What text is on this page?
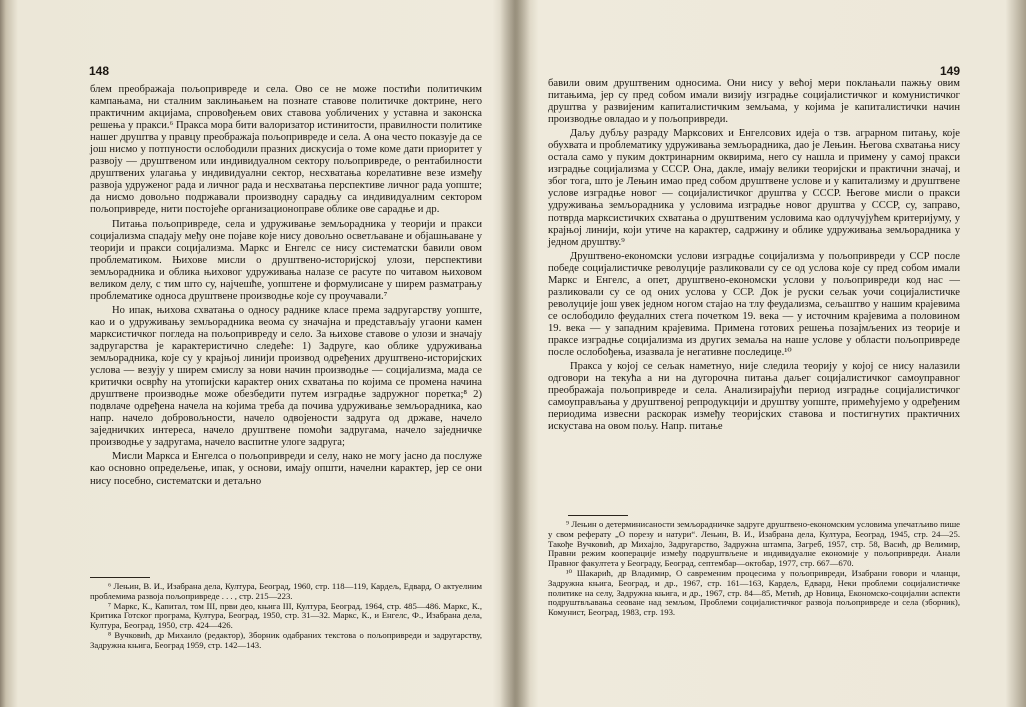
148

блем преображаја пољопривреде и села. Ово се не може постићи политичким кампањама, ни сталним заклињањем на познате ставове политичке доктрине, него практичним акцијама, спровођењем ових ставова уобличених у уставна и законска решења у пракси.⁶ Пракса мора бити валоризатор истинитости, правилности политике нашег друштва у правцу преображаја пољопривреде и села. А она често показује да се још нисмо у потпуности ослободили празних дискусија о томе коме дати приоритет у развоју — друштвеном или индивидуалном сектору пољопривреде, о рентабилности друштвених улагања у индивидуални сектор, несхватања корелативне везе између развоја удруженог рада и личног рада и несхватања перспективе личног рада уопште; да нисмо довољно подржавали производну сарадњу са индивидуалним сектором пољопривреде, нити постојеће организационоправе облике ове сарадње и др.

Питања пољопривреде, села и удруживање земљорадника у теорији и пракси социјализма спадају међу оне појаве које нису довољно осветљаване и објашњаване у теорији и пракси социјализма. Маркс и Енгелс се нису систематски бавили овом проблематиком. Њихове мисли о друштвено-историјској улози, перспективи земљорадника и облика њиховог удруживања налазе се расуте по читавом њиховом великом делу, с тим што су, најчешће, уопштене и формулисане у ширем разматрању проблематике односа друштвене производње које су проучавали.⁷

Но ипак, њихова схватања о односу раднике класе према задругарству уопште, као и о удруживању земљорадника веома су значајна и представљају угаони камен марксистичког погледа на пољопривреду и село. За њихове ставове о улози и значају задругарства је карактеристично следеће: 1) Задруге, као облике удруживања земљорадника, које су у крајњој линији производ одређених друштвено-историјских услова — везују у ширем смислу за нови начин производње — социјализма, мада се критички осврћу на утопијски карактер оних схватања по којима се промена начина друштвене производње може обезбедити путем изградње задружног поретка;⁸ 2) подвлаче одређена начела на којима треба да почива удруживање земљорадника, као напр. начело добровољности, начело одвојености задруга од државе, начело заједничких интереса, начело друштвене помоћи задругама, начело заједничке производње у задругама, начело васпитне улоге задруга;

Мисли Маркса и Енгелса о пољопривреди и селу, нако не могу јасно да послуже као основно опредељење, ипак, у основи, имају општи, начелни карактер, јер се они нису посебно, систематски и детаљно

⁶ Лењин, В. И., Изабрана дела, Култура, Београд, 1960, стр. 118—119, Кардељ, Едвард, О актуелним проблемима развоја пољопривреде . . . , стр. 215—223.

⁷ Маркс, К., Капитал, том III, први део, књига III, Култура, Београд, 1964, стр. 485—486. Маркс, К., Критика Готског програма, Култура, Београд, 1950, стр. 31—32. Маркс, К., и Енгелс, Ф., Изабрана дела, Култура, Београд, 1950, стр. 424—426.

⁸ Вучковић, др Михаило (редактор), Зборник одабраних текстова о пољопривреди и задругарству, Задружна књига, Београд 1959, стр. 142—143.

149

бавили овим друштвеним односима. Они нису у већој мери поклањали пажњу овим питањима, јер су пред собом имали визију изградње социјалистичког и комунистичког друштва у развијеним капиталистичким земљама, у којима је капиталистички начин производње овладао и у пољопривреди.

Даљу дубљу разраду Марксових и Енгелсових идеја о тзв. аграрном питању, које обухвата и проблематику удруживања земљорадника, дао је Лењин. Његова схватања нису остала само у пуким доктринарним оквирима, него су нашла и примену у самој пракси изградње социјализма у СССР. Она, дакле, имају велики теоријски и практични значај, и због тога, што је Лењин имао пред собом друштвене услове и у капитализму и друштвене услове изградње новог — социјалистичког друштва у СССР. Његове мисли о пракси удруживања земљорадника у условима изградње новог друштва у СССР, су, заправо, потврда марксистичких схватања о друштвеним условима као одлучујућем критеријуму, у крајњој линији, који утиче на карактер, садржину и облике удруживања земљорадника у једном друштву.⁹

Друштвено-економски услови изградње социјализма у пољопривреди у ССР после победе социјалистичке револуције разликовали су се од услова које су пред собом имали Маркс и Енгелс, а опет, друштвено-економски услови у пољопривреди код нас — разликовали су се од оних услова у ССР. Док је руски сељак уочи социјалистичке револуције још увек једном ногом стајао на тлу феудализма, сељаштво у нашим крајевима се ослободило феудалних стега почетком 19. века — у источним крајевима а половином 19. века — у западним крајевима. Примена готових решења позајмљених из теорије и праксе изградње социјализма из других земаља на наше услове у области пољопривреде после ослобођења, изазвала је негативне последице.¹⁰

Пракса у којој се сељак наметнуо, није следила теорију у којој се нису налазили одговори на текућа а ни на дугорочна питања даљег социјалистичког самоуправног преображаја пољопривреде и села. Анализирајући период изградње социјалистичког самоуправљања у друштвеној репродукцији и друштву уопште, примећујемо у одређеним периодима извесни раскорак између теоријских ставова и постигнутих практичних искустава на овом пољу. Напр. питање

⁹ Лењин о детерминисаности земљорадничке задруге друштвено-економским условима упечатљиво пише у свом реферату „О порезу и натури“. Лењин, В. И., Изабрана дела, Култура, Београд, 1945, стр. 24—25. Такође Вучковић, др Михајло, Задругарство, Задружна штампа, Загреб, 1957, стр. 58, Васић, др Велимир, Правни режим кооперације између подруштвљене и индивидуалне економије у пољопривреди. Анали Правног факултета у Београду, Београд, септембар—октобар, 1977, стр. 667—670.

¹⁰ Шакарић, др Владимир, О савременим процесима у пољопривреди, Изабрани говори и чланци, Задружна књига, Београд, и др., 1967, стр. 161—163, Кардељ, Едвард, Неки проблеми социјалистичке политике на селу, Задружна књига, и др., 1967, стр. 84—85, Метић, др Новица, Економско-социјални аспекти подруштвљавања сеоване над земљом, Проблеми социјалистичког развоја пољопривреде и села (зборник), Комунист, Београд, 1983, стр. 193.
